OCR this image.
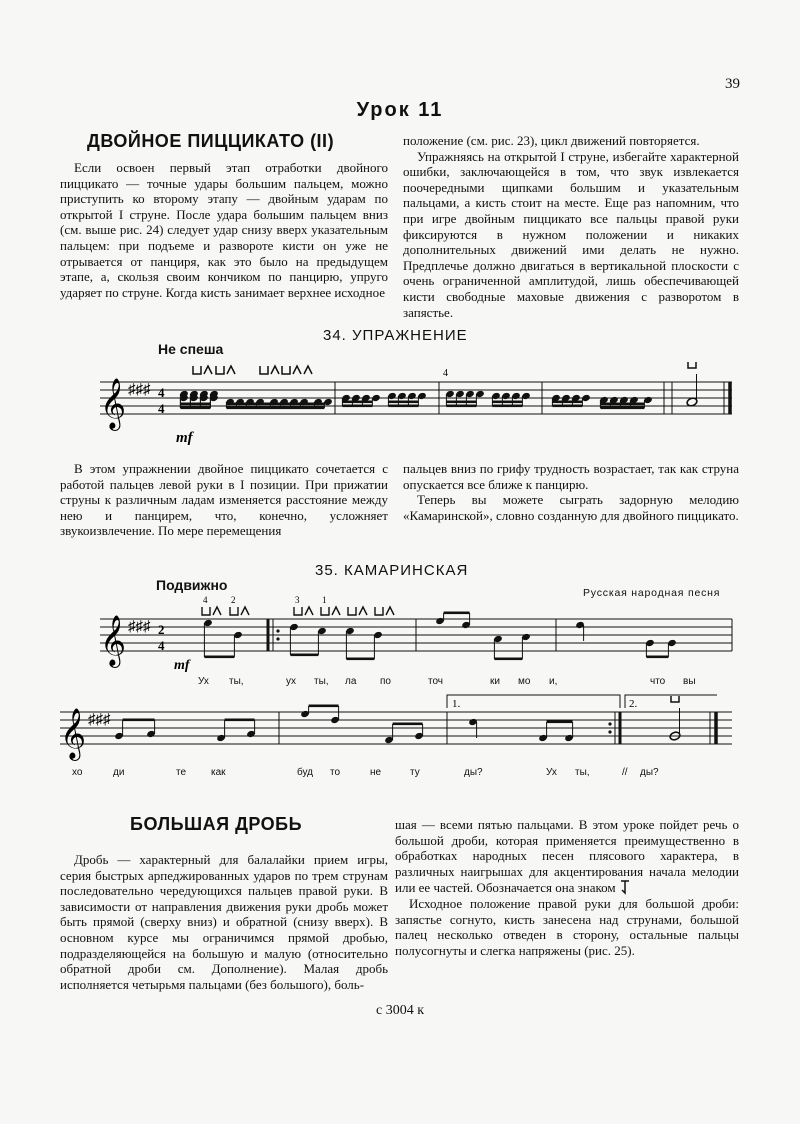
39
Урок 11
ДВОЙНОЕ ПИЦЦИКАТО (II)

Если освоен первый этап отработки двойного пиццикато — точные удары большим пальцем, можно приступить ко второму этапу — двойным ударам по открытой I струне. После удара большим пальцем вниз (см. выше рис. 24) следует удар снизу вверх указательным пальцем: при подъеме и развороте кисти он уже не отрывается от панциря, как это было на предыдущем этапе, а, скользя своим кончиком по панцирю, упруго ударяет по струне. Когда кисть занимает верхнее исходное

положение (см. рис. 23), цикл движений повторяется.

Упражняясь на открытой I струне, избегайте характерной ошибки, заключающейся в том, что звук извлекается поочередными щипками большим и указательным пальцами, а кисть стоит на месте. Еще раз напомним, что при игре двойным пиццикато все пальцы правой руки фиксируются в нужном положении и никаких дополнительных движений ими делать не нужно. Предплечье должно двигаться в вертикальной плоскости с очень ограниченной амплитудой, лишь обеспечивающей кисти свободные маховые движения с разворотом в запястье.

34. УПРАЖНЕНИЕ
Не спеша
𝄞 ♯♯♯ 4
4
mf
4

В этом упражнении двойное пиццикато сочетается с работой пальцев левой руки в I позиции. При прижатии струны к различным ладам изменяется расстояние между нею и панцирем, что, конечно, усложняет звукоизвлечение. По мере перемещения

пальцев вниз по грифу трудность возрастает, так как струна опускается все ближе к панцирю.

Теперь вы можете сыграть задорную мелодию «Камаринской», словно созданную для двойного пиццикато.

35. КАМАРИНСКАЯ
Подвижно	Русская народная песня
𝄞 ♯♯♯ 2
4
mf
4	2	3	1
Ух ты,	ух ты, ла по	точ	ки мо и,	что вы
𝄞 ♯♯♯
1.	2.
хо	ди	те как	буд то	не	ту	ды?	Ух ты,	// ды?
БОЛЬШАЯ ДРОБЬ

Дробь — характерный для балалайки прием игры, серия быстрых арпеджированных ударов по трем струнам последовательно чередующихся пальцев правой руки. В зависимости от направления движения руки дробь может быть прямой (сверху вниз) и обратной (снизу вверх). В основном курсе мы ограничимся прямой дробью, подразделяющейся на большую и малую (относительно обратной дроби см. Дополнение). Малая дробь исполняется четырьмя пальцами (без большого), боль-

шая — всеми пятью пальцами. В этом уроке пойдет речь о большой дроби, которая применяется преимущественно в обработках народных песен плясового характера, в различных наигрышах для акцентирования начала мелодии или ее частей. Обозначается она знаком

Исходное положение правой руки для большой дроби: запястье согнуто, кисть занесена над струнами, большой палец несколько отведен в сторону, остальные пальцы полусогнуты и слегка напряжены (рис. 25).

с 3004 к
